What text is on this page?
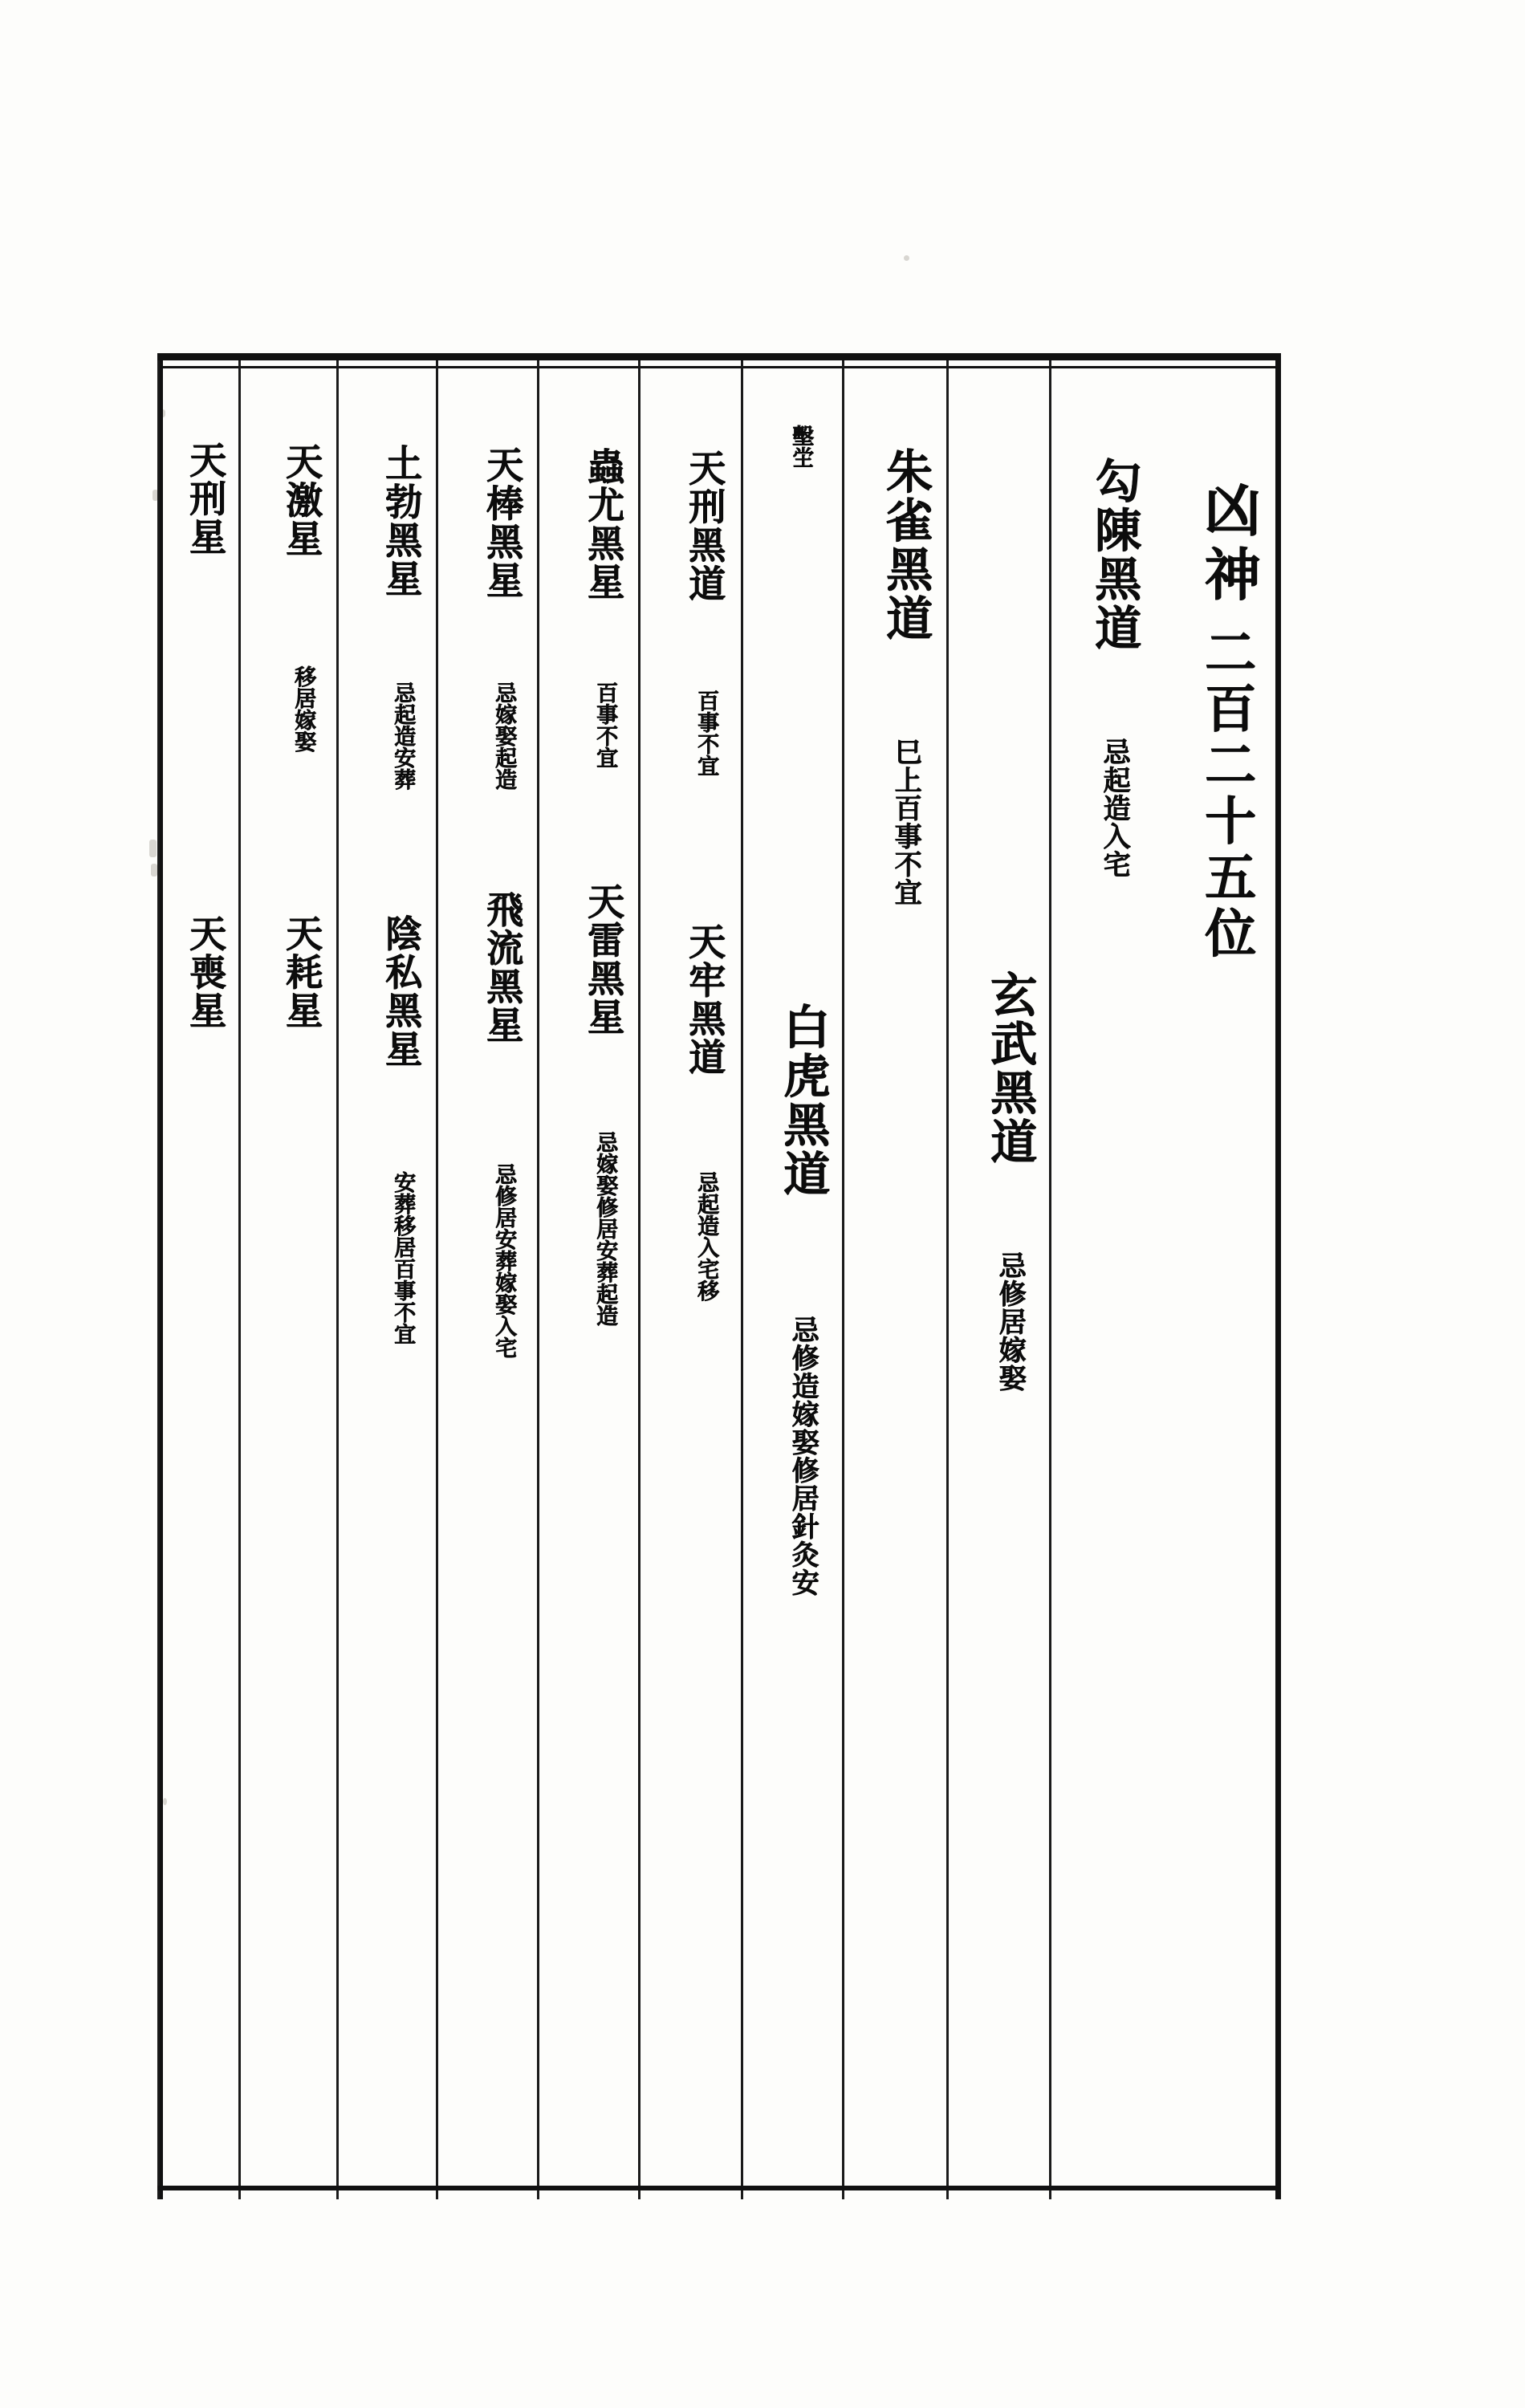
凶神
二百二十五位
勾陳黑道
忌起造入宅
玄武黑道
忌修居嫁娶
朱雀黑道
巳上百事不宜
白虎黑道
忌修造嫁娶修居針灸安
墼坣
天刑黑道
百事不宜
天牢黑道
忌起造入宅移
蟲尤黑星
百事不宜
天雷黑星
忌嫁娶修居安葬起造
天棒黑星
忌嫁娶起造
飛流黑星
忌修居安葬嫁娶入宅
土勃黑星
忌起造安葬
陰私黑星
安葬移居百事不宜
天激星
移居嫁娶
天耗星
天刑星
天喪星
